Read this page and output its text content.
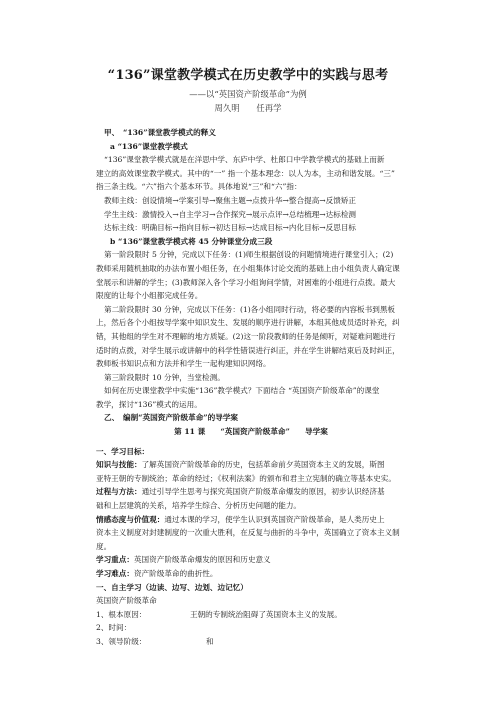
“136”课堂教学模式在历史教学中的实践与思考
——以“英国资产阶级革命”为例
周久明　　任再学

甲、　“136”课堂教学模式的释义

a “136”课堂教学模式

“136”课堂教学模式就是在洋思中学、东庐中学、杜郎口中学教学模式的基础上而新

建立的高效课堂教学模式。其中的“一” 指一个基本理念：以人为本，主动和谐发展。“三”

指三条主线。“六”指六个基本环节。具体地说“三”和“六”指：

教师主线：创设情境→学案引导→聚焦主题→点拨升华→整合提高→反馈矫正

学生主线：激情投入→自主学习→合作探究→展示点评→总结梳理→达标检测

达标主线：明确目标→指向目标→初达目标→达成目标→内化目标→反思目标

b “136”课堂教学模式将 45 分钟课堂分成三段

第一阶段限时 5 分钟，完成以下任务：(1)师生根据创设的问题情境进行课堂引入；(2)

教师采用随机抽取的办法布置小组任务，在小组集体讨论交流的基础上由小组负责人确定课

堂展示和讲解的学生；(3)教师深入各个学习小组询问学情，对困难的小组进行点拨。最大

限度的让每个小组都完成任务。

第二阶段限时 30 分钟，完成以下任务：(1)各小组同时行动，将必要的内容板书到黑板

上，然后各个小组按导学案中知识发生、发展的顺序进行讲解，本组其他成员适时补充，纠

错，其他组的学生对不理解的地方质疑。(2)这一阶段教师的任务是倾听，对疑难问题进行

适时的点拨，对学生展示或讲解中的科学性错误进行纠正，并在学生讲解结束后及时纠正，

教师板书知识点和方法并和学生一起构建知识网络。

第三阶段限时 10 分钟，当堂检测。

如何在历史课堂教学中实施“136”教学模式？下面结合 “英国资产阶级革命”的课堂

教学，探讨“136”模式的运用。

乙、　编制“英国资产阶级革命”的导学案

第 11 课　　“英国资产阶级革命”　　导学案

一、学习目标：

知识与技能：了解英国资产阶级革命的历史，包括革命前夕英国资本主义的发展，斯图

亚特王朝的专制统治；革命的经过；《权利法案》的颁布和君主立宪制的确立等基本史实。

过程与方法：通过引导学生思考与探究英国资产阶级革命爆发的原因，初步认识经济基

础和上层建筑的关系，培养学生综合、分析历史问题的能力。

情感态度与价值观：通过本课的学习，使学生认识到英国资产阶级革命，是人类历史上

资本主义制度对封建制度的一次重大胜利，在反复与曲折的斗争中，英国确立了资本主义制

度。

学习重点：英国资产阶级革命爆发的原因和历史意义

学习难点：资产阶级革命的曲折性。

一、自主学习（边读、边写、边划、边记忆）

英国资产阶级革命

1、根本原因：	王朝的专制统治阻碍了英国资本主义的发展。

2、时间：

3、领导阶级：	和
